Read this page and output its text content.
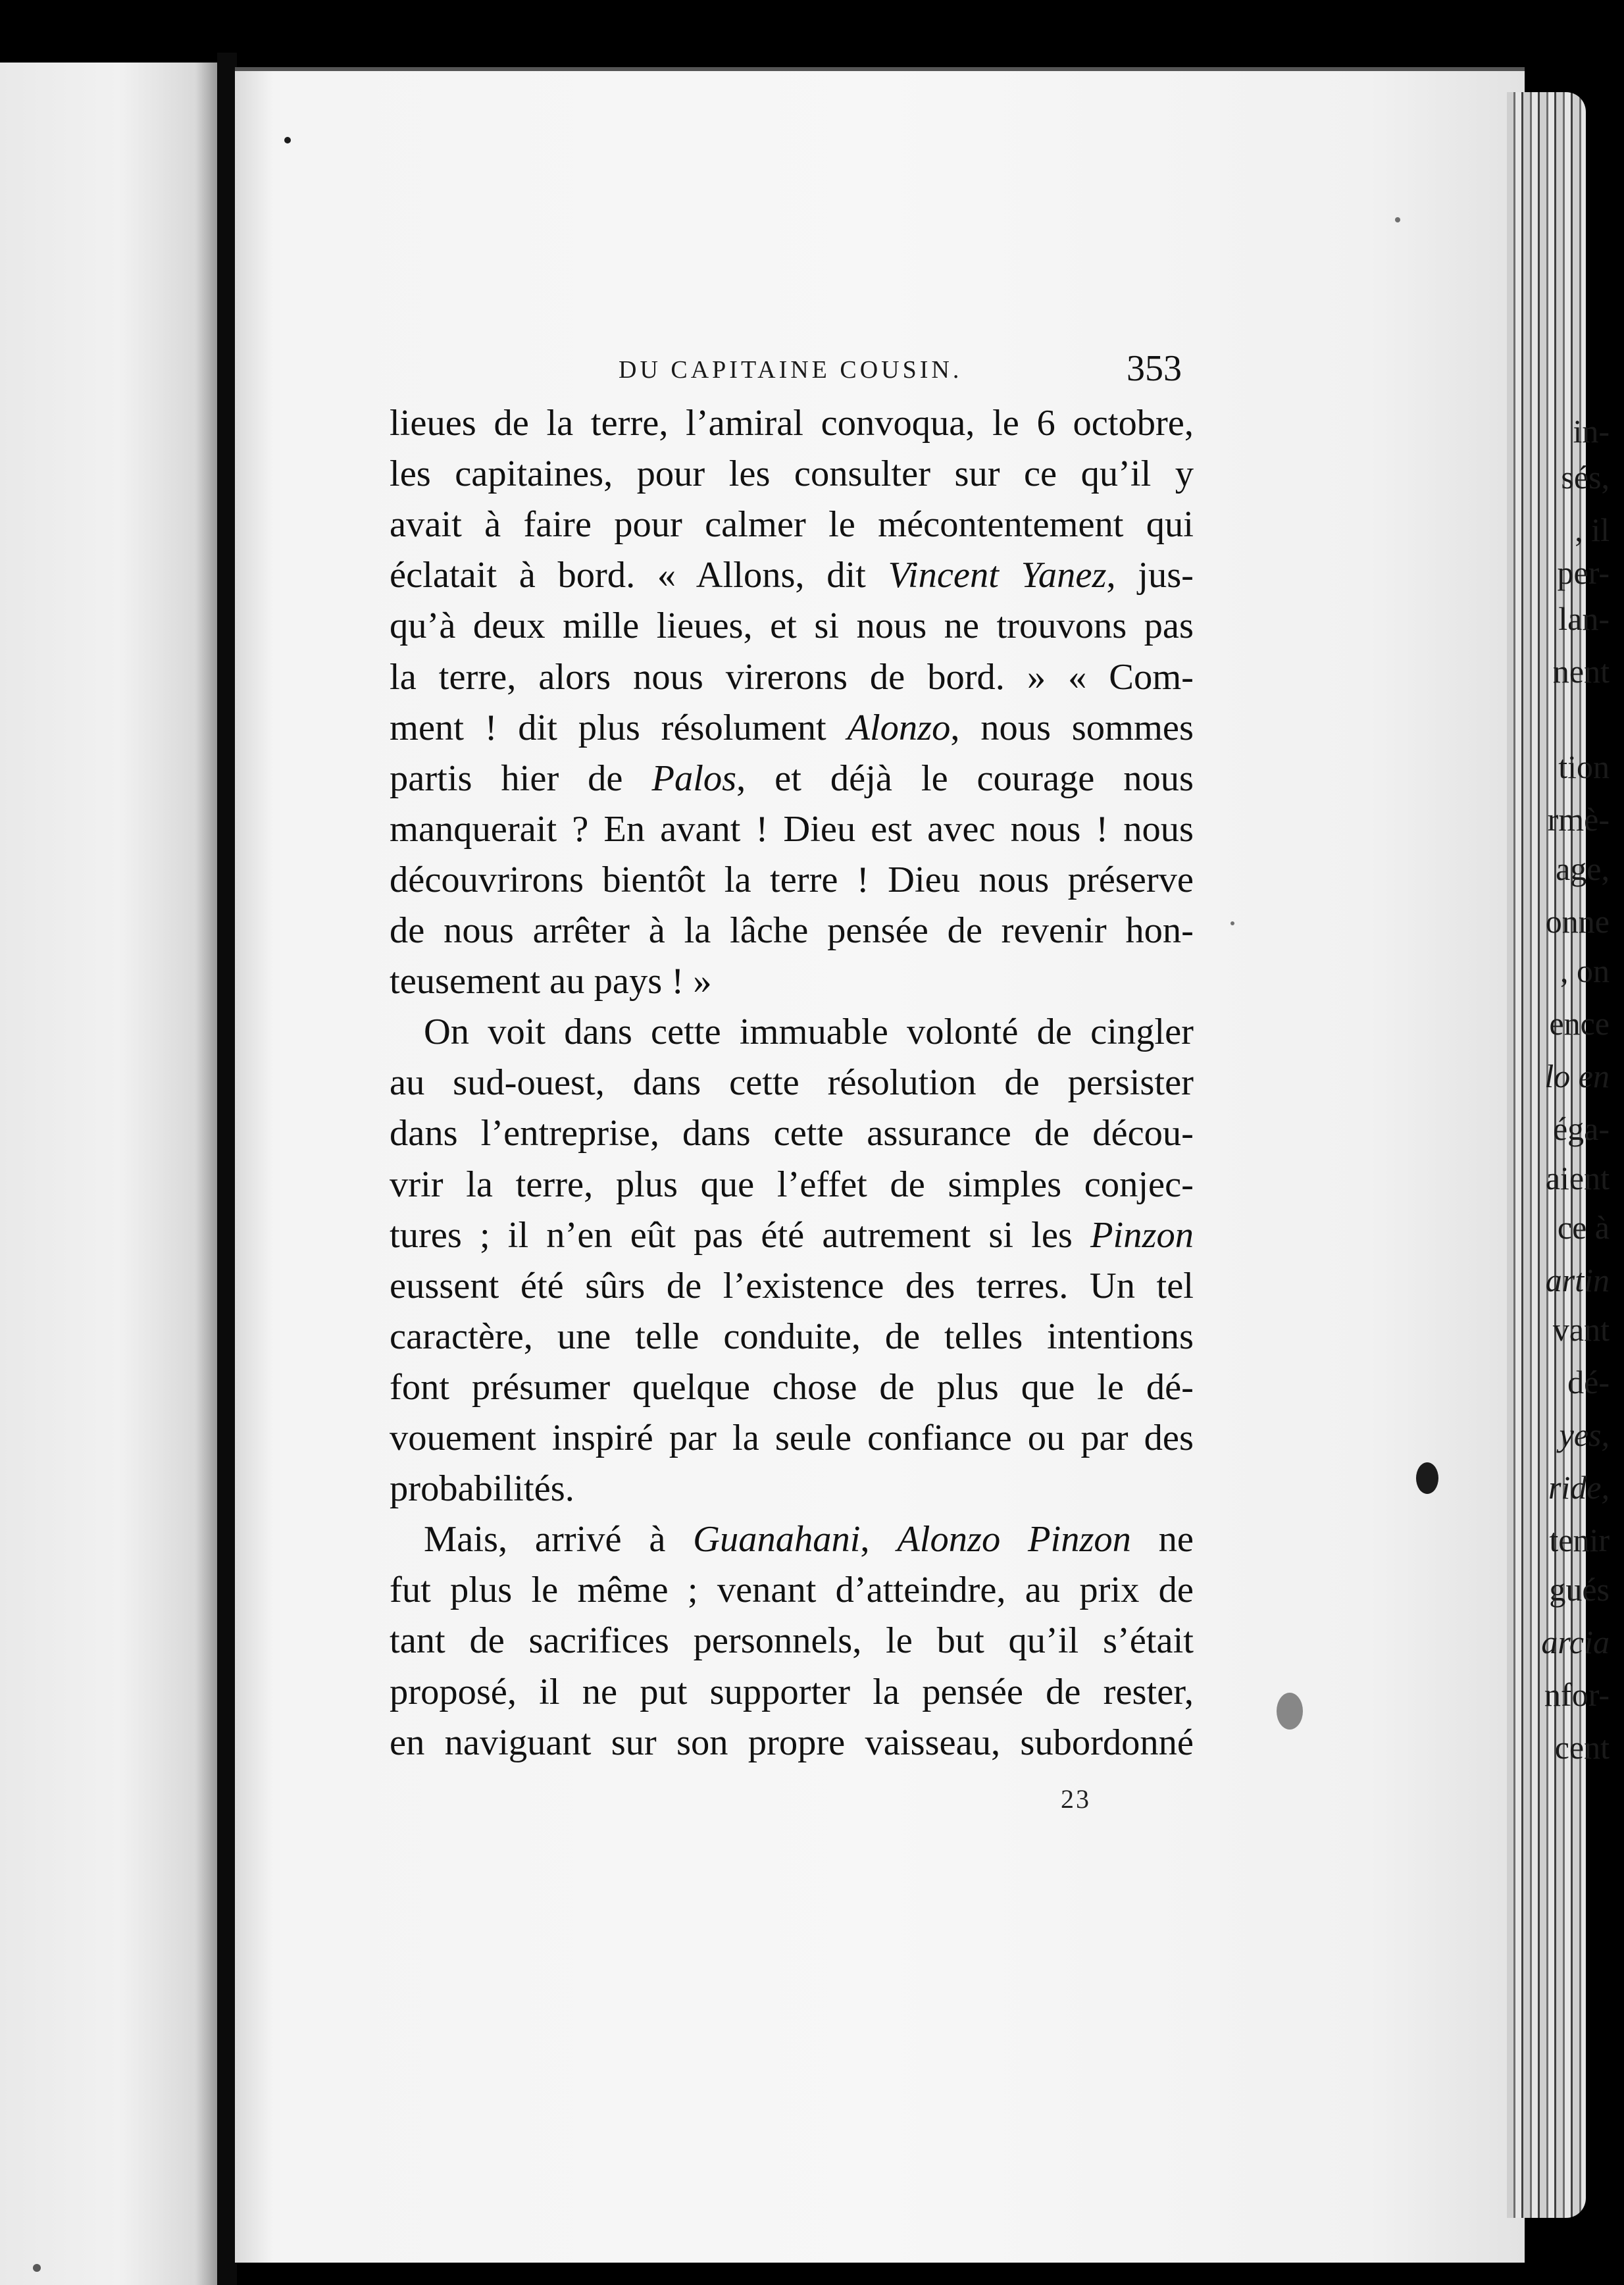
DU CAPITAINE COUSIN.	353
in-
sés,
, il
per-
lan-
nent
tion
rmè-
age,
onne
, on
ence
lo en
éga-
aient
ce à
artin
vant
dé-
yes,
ride,
tenir
gués
arcia
nfor-
cent
lieues de la terre, l’amiral convoqua, le 6 octobre,
les capitaines, pour les consulter sur ce qu’il y
avait à faire pour calmer le mécontentement qui
éclatait à bord. « Allons, dit Vincent Yanez, jus-
qu’à deux mille lieues, et si nous ne trouvons pas
la terre, alors nous virerons de bord. » « Com-
ment ! dit plus résolument Alonzo, nous sommes
partis hier de Palos, et déjà le courage nous
manquerait ? En avant ! Dieu est avec nous ! nous
découvrirons bientôt la terre ! Dieu nous préserve
de nous arrêter à la lâche pensée de revenir hon-
teusement au pays ! »
On voit dans cette immuable volonté de cingler
au sud-ouest, dans cette résolution de persister
dans l’entreprise, dans cette assurance de décou-
vrir la terre, plus que l’effet de simples conjec-
tures ; il n’en eût pas été autrement si les Pinzon
eussent été sûrs de l’existence des terres. Un tel
caractère, une telle conduite, de telles intentions
font présumer quelque chose de plus que le dé-
vouement inspiré par la seule confiance ou par des
probabilités.
Mais, arrivé à Guanahani, Alonzo Pinzon ne
fut plus le même ; venant d’atteindre, au prix de
tant de sacrifices personnels, le but qu’il s’était
proposé, il ne put supporter la pensée de rester,
en naviguant sur son propre vaisseau, subordonné
23
